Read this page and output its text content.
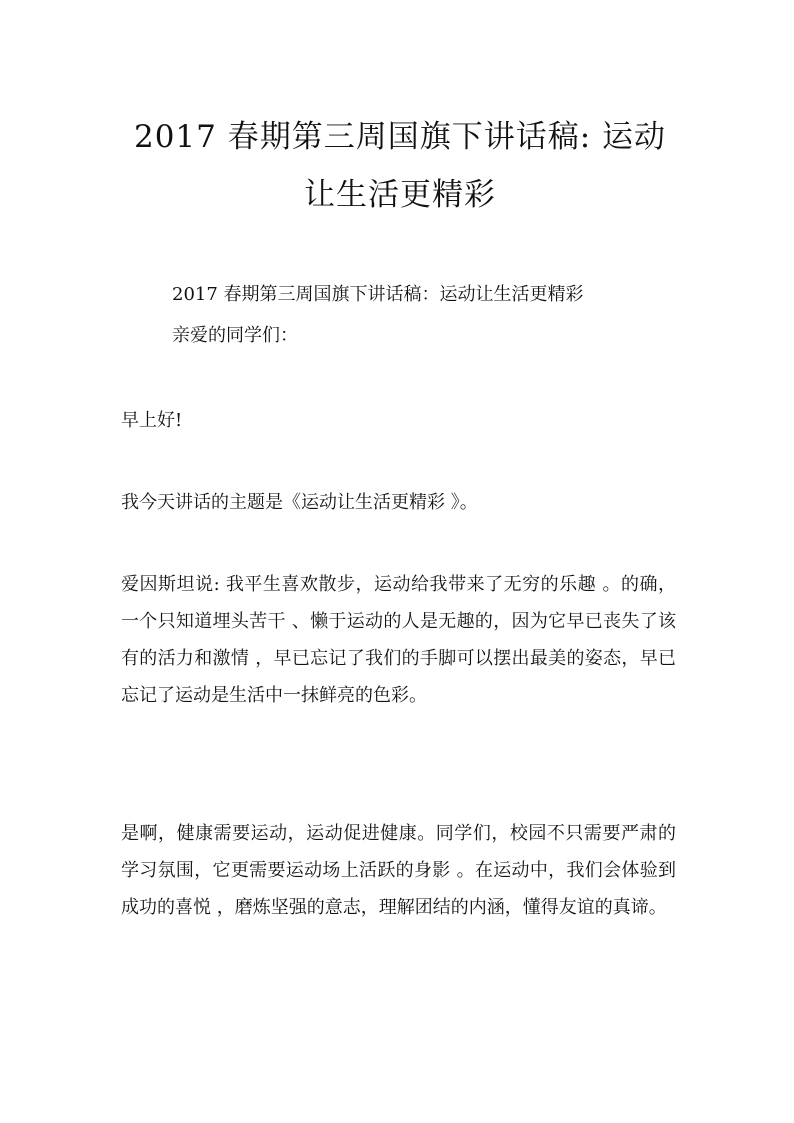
2017 春期第三周国旗下讲话稿: 运动让生活更精彩
2017 春期第三周国旗下讲话稿：运动让生活更精彩
亲爱的同学们：

早上好!

我今天讲话的主题是《运动让生活更精彩 》。

爱因斯坦说: 我平生喜欢散步，运动给我带来了无穷的乐趣 。的确，一个只知道埋头苦干 、懒于运动的人是无趣的，因为它早已丧失了该有的活力和激情 ，早已忘记了我们的手脚可以摆出最美的姿态，早已忘记了运动是生活中一抹鲜亮的色彩。

是啊，健康需要运动，运动促进健康。同学们，校园不只需要严肃的学习氛围，它更需要运动场上活跃的身影 。在运动中，我们会体验到成功的喜悦 ，磨炼坚强的意志，理解团结的内涵，懂得友谊的真谛。
